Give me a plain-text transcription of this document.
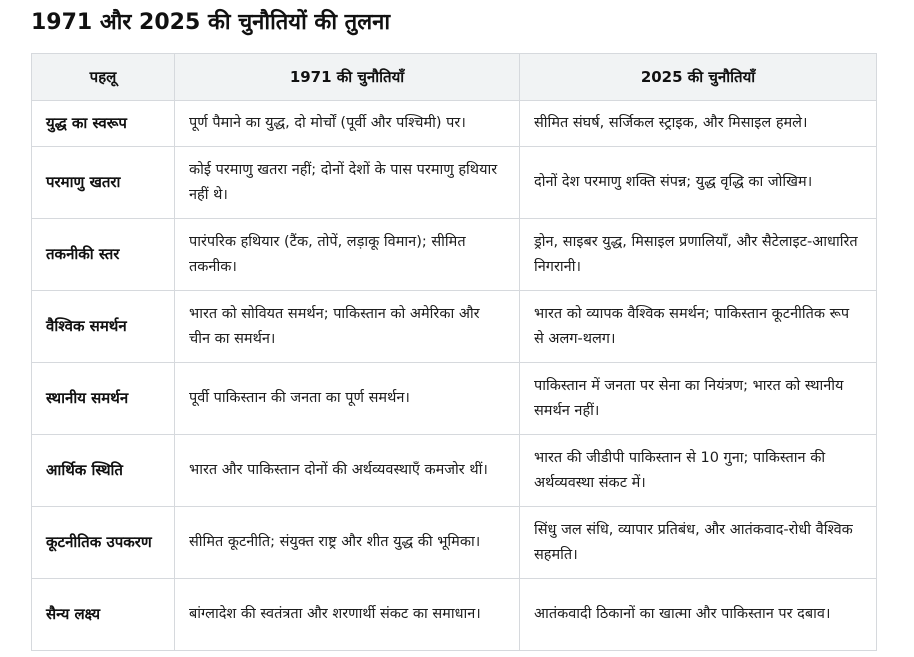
1971 और 2025 की चुनौतियों की तुलना
पहलू	1971 की चुनौतियाँ	2025 की चुनौतियाँ
युद्ध का स्वरूप	पूर्ण पैमाने का युद्ध, दो मोर्चों (पूर्वी और पश्चिमी) पर।	सीमित संघर्ष, सर्जिकल स्ट्राइक, और मिसाइल हमले।
परमाणु खतरा	कोई परमाणु खतरा नहीं; दोनों देशों के पास परमाणु हथियार नहीं थे।	दोनों देश परमाणु शक्ति संपन्न; युद्ध वृद्धि का जोखिम।
तकनीकी स्तर	पारंपरिक हथियार (टैंक, तोपें, लड़ाकू विमान); सीमित तकनीक।	ड्रोन, साइबर युद्ध, मिसाइल प्रणालियाँ, और सैटेलाइट-आधारित निगरानी।
वैश्विक समर्थन	भारत को सोवियत समर्थन; पाकिस्तान को अमेरिका और चीन का समर्थन।	भारत को व्यापक वैश्विक समर्थन; पाकिस्तान कूटनीतिक रूप से अलग-थलग।
स्थानीय समर्थन	पूर्वी पाकिस्तान की जनता का पूर्ण समर्थन।	पाकिस्तान में जनता पर सेना का नियंत्रण; भारत को स्थानीय समर्थन नहीं।
आर्थिक स्थिति	भारत और पाकिस्तान दोनों की अर्थव्यवस्थाएँ कमजोर थीं।	भारत की जीडीपी पाकिस्तान से 10 गुना; पाकिस्तान की अर्थव्यवस्था संकट में।
कूटनीतिक उपकरण	सीमित कूटनीति; संयुक्त राष्ट्र और शीत युद्ध की भूमिका।	सिंधु जल संधि, व्यापार प्रतिबंध, और आतंकवाद-रोधी वैश्विक सहमति।
सैन्य लक्ष्य	बांग्लादेश की स्वतंत्रता और शरणार्थी संकट का समाधान।	आतंकवादी ठिकानों का खात्मा और पाकिस्तान पर दबाव।
